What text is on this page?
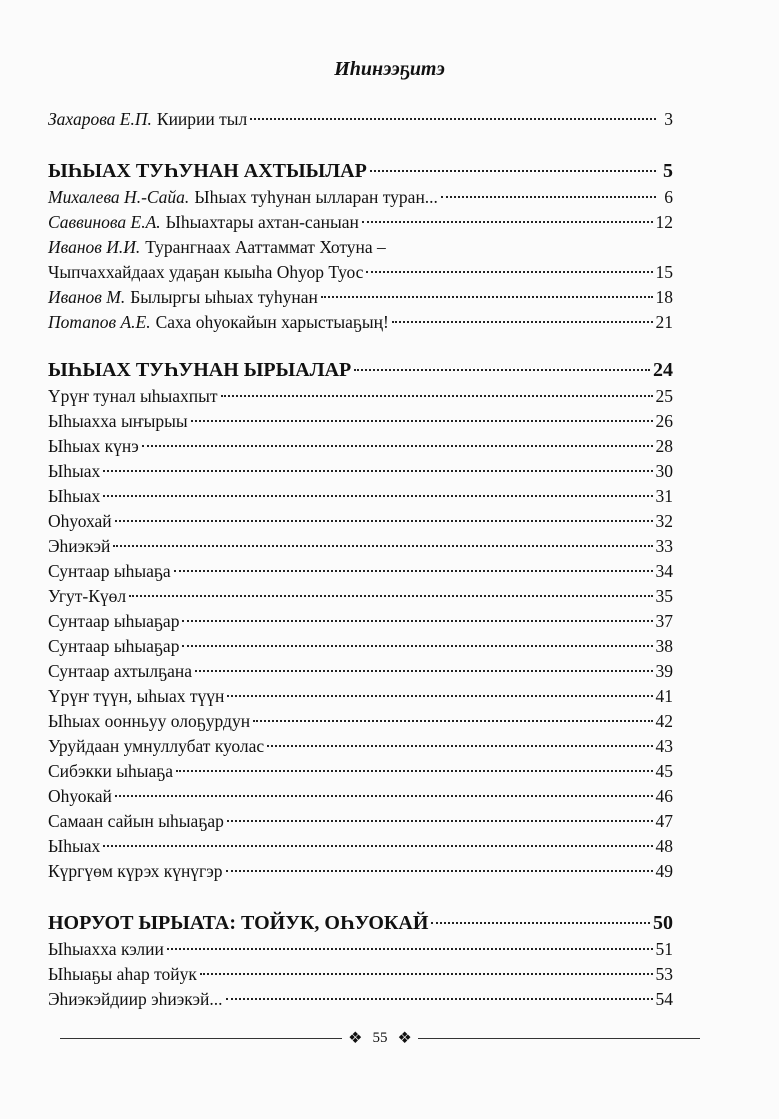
Иһинээҕитэ
Захарова Е.П. Киирии тыл	3
ЫҺЫАХ ТУҺУНАН АХТЫЫЛАР	5
Михалева Н.-Сайа. Ыһыах туһунан ылларан туран...	6
Саввинова Е.А. Ыһыахтары ахтан-саныан	12
Иванов И.И. Турангнаах Ааттаммат Хотуна –
Чыпчаххайдаах удаҕан кыыһа Оһуор Туос	15
Иванов М. Былыргы ыһыах туһунан	18
Потапов А.Е. Саха оһуокайын харыстыаҕың!	21
ЫҺЫАХ ТУҺУНАН ЫРЫАЛАР	24
Үрүҥ тунал ыһыахпыт	25
Ыһыахха ыҥырыы	26
Ыһыах күнэ	28
Ыһыах	30
Ыһыах	31
Оһуохай	32
Эһиэкэй	33
Сунтаар ыһыаҕа	34
Угут-Күөл	35
Сунтаар ыһыаҕар	37
Сунтаар ыһыаҕар	38
Сунтаар ахтылҕана	39
Үрүҥ түүн, ыһыах түүн	41
Ыһыах оонньуу олоҕурдун	42
Уруйдаан умнуллубат куолас	43
Сибэкки ыһыаҕа	45
Оһуокай	46
Самаан сайын ыһыаҕар	47
Ыһыах	48
Күргүөм күрэх күнүгэр	49
НОРУОТ ЫРЫАТА: ТОЙУК, ОҺУОКАЙ	50
Ыһыахха кэлии	51
Ыһыаҕы аһар тойук	53
Эһиэкэйдиир эһиэкэй...	54
❖ 55 ❖
